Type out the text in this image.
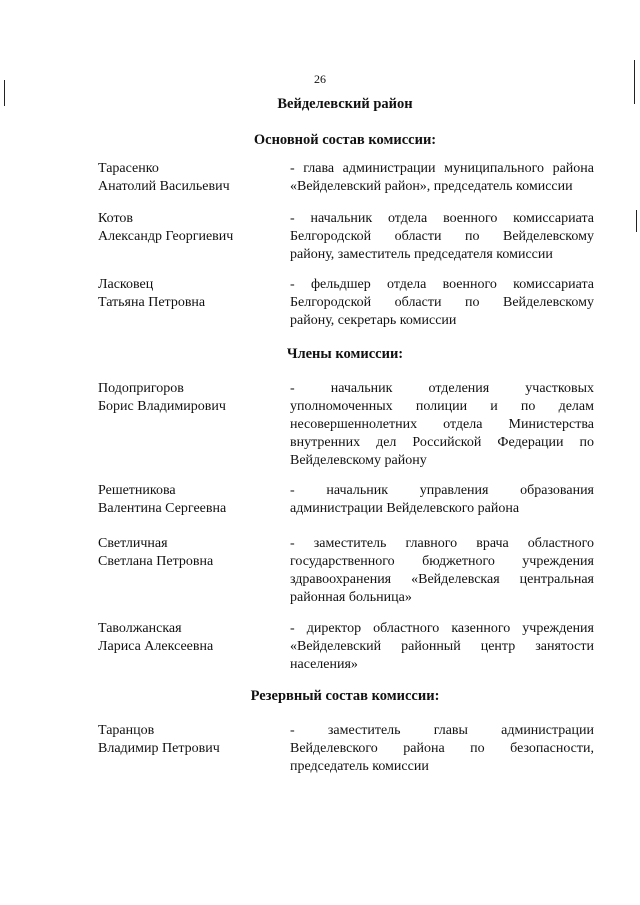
26
Вейделевский район
Основной состав комиссии:
Тарасенко
Анатолий Васильевич
- глава администрации муниципального района
«Вейделевский район», председатель комиссии
Котов
Александр Георгиевич
- начальник отдела военного комиссариата
Белгородской области по Вейделевскому
району, заместитель председателя комиссии
Ласковец
Татьяна Петровна
- фельдшер отдела военного комиссариата
Белгородской области по Вейделевскому
району, секретарь комиссии
Члены комиссии:
Подопригоров
Борис Владимирович
- начальник отделения участковых
уполномоченных полиции и по делам
несовершеннолетних отдела Министерства
внутренних дел Российской Федерации по
Вейделевскому району
Решетникова
Валентина Сергеевна
- начальник управления образования
администрации Вейделевского района
Светличная
Светлана Петровна
- заместитель главного врача областного
государственного бюджетного учреждения
здравоохранения «Вейделевская центральная
районная больница»
Таволжанская
Лариса Алексеевна
- директор областного казенного учреждения
«Вейделевский районный центр занятости
населения»
Резервный состав комиссии:
Таранцов
Владимир Петрович
- заместитель главы администрации
Вейделевского района по безопасности,
председатель комиссии
